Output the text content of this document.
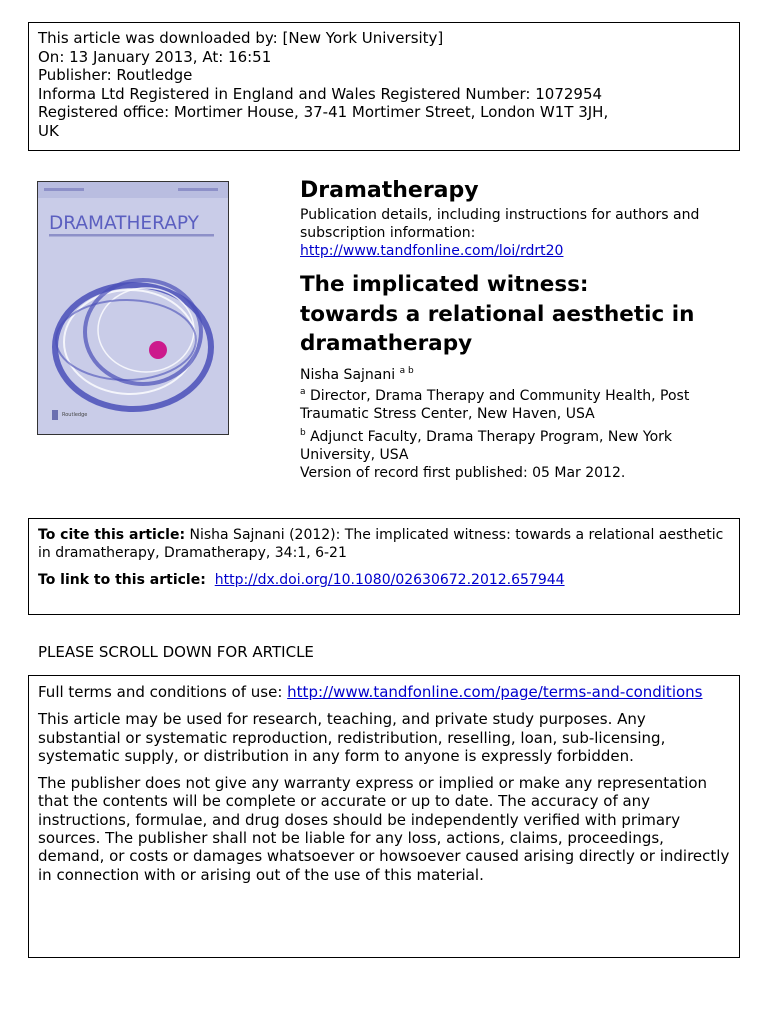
This article was downloaded by: [New York University]
On: 13 January 2013, At: 16:51
Publisher: Routledge
Informa Ltd Registered in England and Wales Registered Number: 1072954
Registered office: Mortimer House, 37-41 Mortimer Street, London W1T 3JH,
UK
DRAMATHERAPY
Routledge
Dramatherapy
Publication details, including instructions for authors and subscription information:
http://www.tandfonline.com/loi/rdrt20
The implicated witness:
towards a relational aesthetic in
dramatherapy
Nisha Sajnani $^{a b}$
$^a$ Director, Drama Therapy and Community Health, Post Traumatic Stress Center, New Haven, USA
$^b$ Adjunct Faculty, Drama Therapy Program, New York University, USA
Version of record first published: 05 Mar 2012.
To cite this article: Nisha Sajnani (2012): The implicated witness: towards a relational aesthetic in dramatherapy, Dramatherapy, 34:1, 6-21
To link to this article: http://dx.doi.org/10.1080/02630672.2012.657944
PLEASE SCROLL DOWN FOR ARTICLE

Full terms and conditions of use: http://www.tandfonline.com/page/terms-and-conditions

This article may be used for research, teaching, and private study purposes. Any substantial or systematic reproduction, redistribution, reselling, loan, sub-licensing, systematic supply, or distribution in any form to anyone is expressly forbidden.

The publisher does not give any warranty express or implied or make any representation that the contents will be complete or accurate or up to date. The accuracy of any instructions, formulae, and drug doses should be independently verified with primary sources. The publisher shall not be liable for any loss, actions, claims, proceedings, demand, or costs or damages whatsoever or howsoever caused arising directly or indirectly in connection with or arising out of the use of this material.
